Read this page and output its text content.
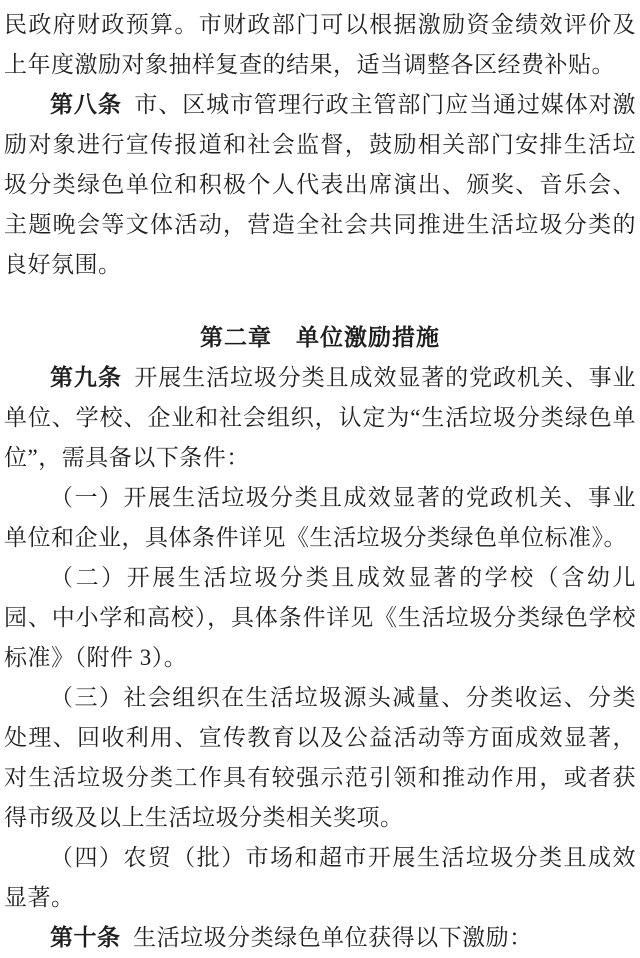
民政府财政预算。市财政部门可以根据激励资金绩效评价及上年度激励对象抽样复查的结果，适当调整各区经费补贴。

第八条 市、区城市管理行政主管部门应当通过媒体对激励对象进行宣传报道和社会监督，鼓励相关部门安排生活垃圾分类绿色单位和积极个人代表出席演出、颁奖、音乐会、主题晚会等文体活动，营造全社会共同推进生活垃圾分类的良好氛围。

第二章　单位激励措施

第九条 开展生活垃圾分类且成效显著的党政机关、事业单位、学校、企业和社会组织，认定为“生活垃圾分类绿色单位”，需具备以下条件：

（一）开展生活垃圾分类且成效显著的党政机关、事业单位和企业，具体条件详见《生活垃圾分类绿色单位标准》。

（二）开展生活垃圾分类且成效显著的学校（含幼儿园、中小学和高校），具体条件详见《生活垃圾分类绿色学校标准》（附件 3）。

（三）社会组织在生活垃圾源头减量、分类收运、分类处理、回收利用、宣传教育以及公益活动等方面成效显著，对生活垃圾分类工作具有较强示范引领和推动作用，或者获得市级及以上生活垃圾分类相关奖项。

（四）农贸（批）市场和超市开展生活垃圾分类且成效显著。

第十条 生活垃圾分类绿色单位获得以下激励：
